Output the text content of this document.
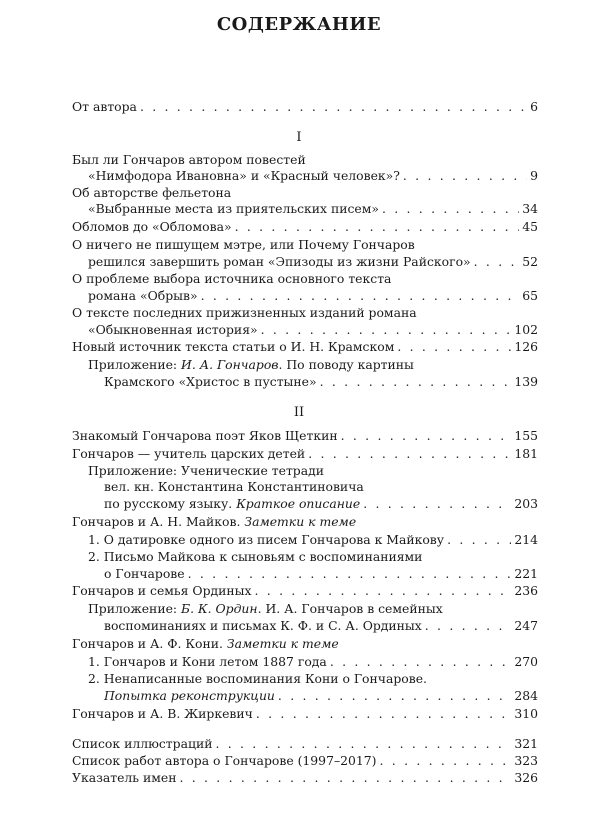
СОДЕРЖАНИЕ
От автора . . .	6
I
Был ли Гончаров автором повестей
«Нимфодора Ивановна» и «Красный человек»? . . .	9
Об авторстве фельетона
«Выбранные места из приятельских писем» . . .	34
Обломов до «Обломова» . . .	45
О ничего не пишущем мэтре, или Почему Гончаров
решился завершить роман «Эпизоды из жизни Райского» . . .	52
О проблеме выбора источника основного текста
романа «Обрыв» . . .	65
О тексте последних прижизненных изданий романа
«Обыкновенная история» . . .	102
Новый источник текста статьи о И. Н. Крамском . . .	126
Приложение: И. А. Гончаров. По поводу картины
Крамского «Христос в пустыне» . . .	139
II
Знакомый Гончарова поэт Яков Щеткин . . .	155
Гончаров — учитель царских детей . . .	181
Приложение: Ученические тетради
вел. кн. Константина Константиновича
по русскому языку. Краткое описание . . .	203
Гончаров и А. Н. Майков. Заметки к теме
1. О датировке одного из писем Гончарова к Майкову . . .	214
2. Письмо Майкова к сыновьям с воспоминаниями
о Гончарове . . .	221
Гончаров и семья Ординых . . .	236
Приложение: Б. К. Ордин. И. А. Гончаров в семейных
воспоминаниях и письмах К. Ф. и С. А. Ординых . . .	247
Гончаров и А. Ф. Кони. Заметки к теме
1. Гончаров и Кони летом 1887 года . . .	270
2. Ненаписанные воспоминания Кони о Гончарове.
Попытка реконструкции . . .	284
Гончаров и А. В. Жиркевич . . .	310
Список иллюстраций . . .	321
Список работ автора о Гончарове (1997–2017) . . .	323
Указатель имен . . .	326
